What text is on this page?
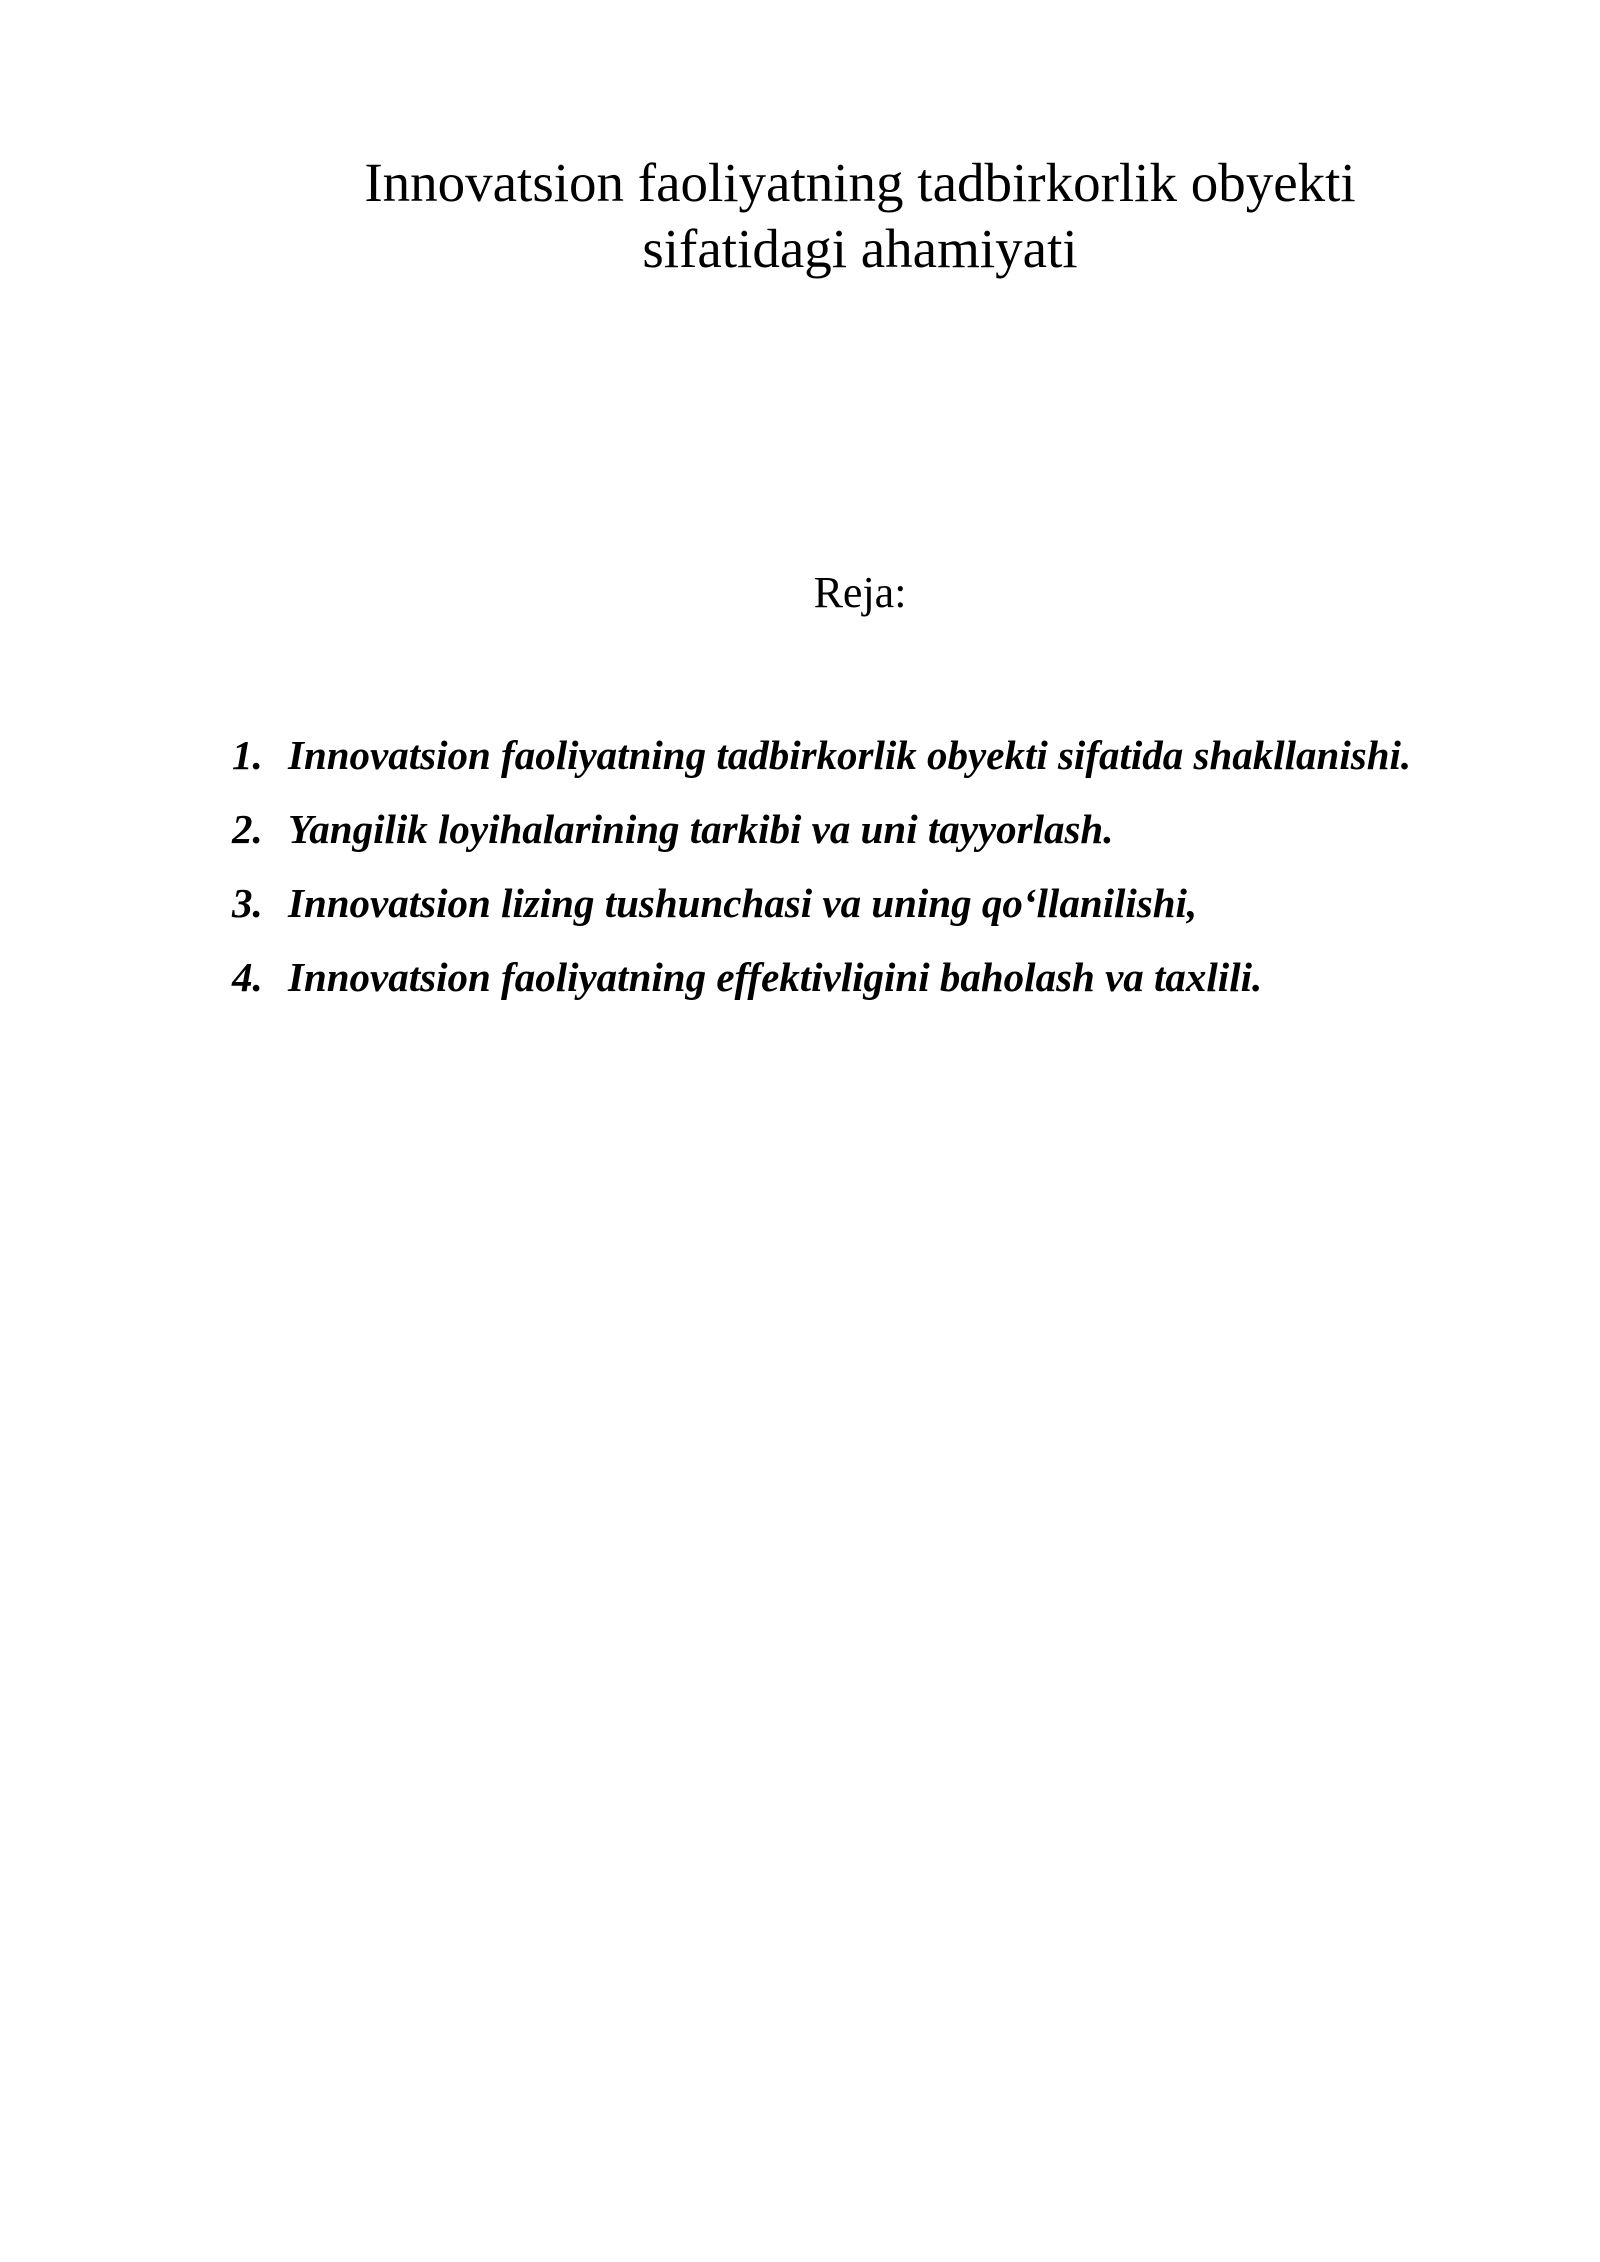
Innovatsion faoliyatning tadbirkorlik obyekti
sifatidagi ahamiyati
Reja:
1. Innovatsion faoliyatning tadbirkorlik obyekti sifatida shakllanishi.
2. Yangilik loyihalarining tarkibi va uni tayyorlash.
3. Innovatsion lizing tushunchasi va uning qo‘llanilishi,
4. Innovatsion faoliyatning effektivligini baholash va taxlili.
